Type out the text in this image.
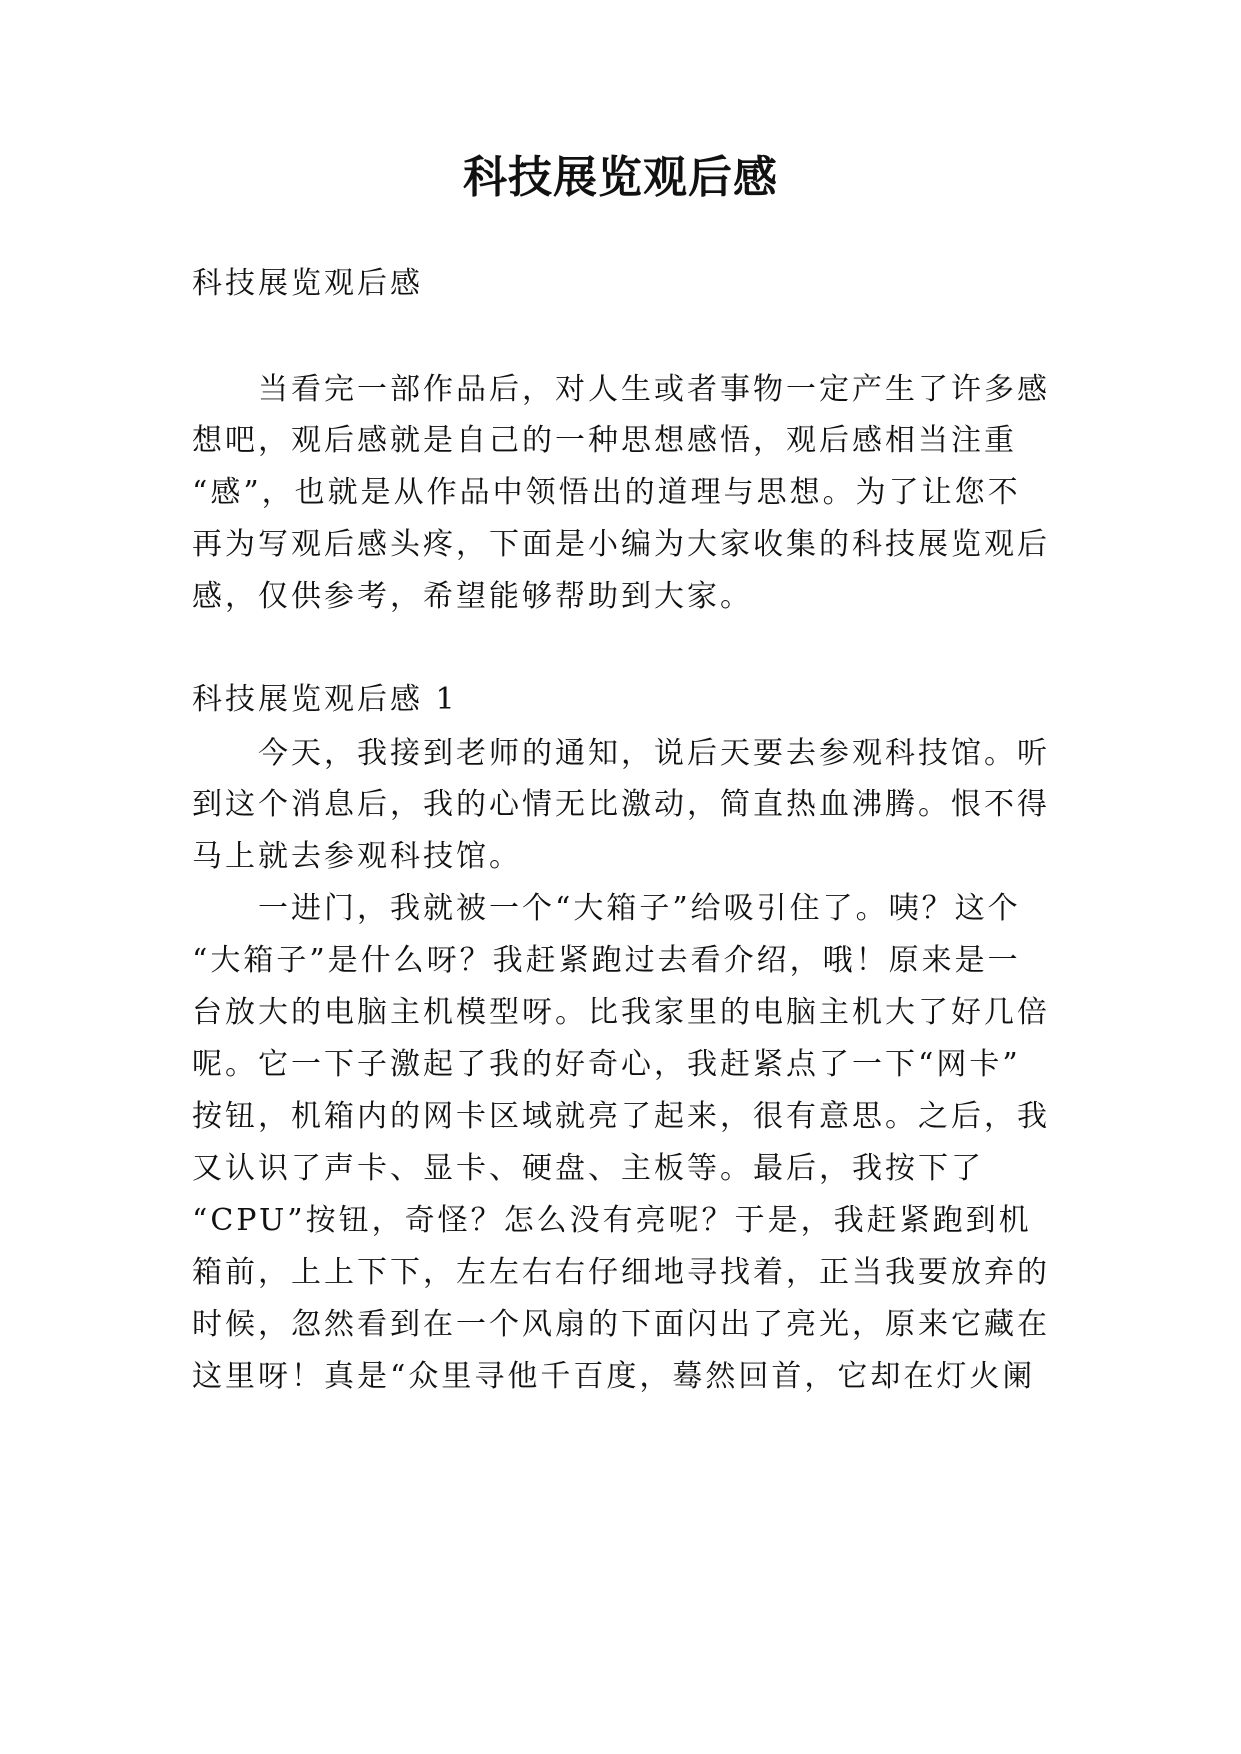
科技展览观后感
科技展览观后感
　　当看完一部作品后，对人生或者事物一定产生了许多感
想吧，观后感就是自己的一种思想感悟，观后感相当注重
“感”，也就是从作品中领悟出的道理与思想。为了让您不
再为写观后感头疼，下面是小编为大家收集的科技展览观后
感，仅供参考，希望能够帮助到大家。
科技展览观后感 1
　　今天，我接到老师的通知，说后天要去参观科技馆。听
到这个消息后，我的心情无比激动，简直热血沸腾。恨不得
马上就去参观科技馆。
　　一进门，我就被一个“大箱子”给吸引住了。咦？这个
“大箱子”是什么呀？我赶紧跑过去看介绍，哦！原来是一
台放大的电脑主机模型呀。比我家里的电脑主机大了好几倍
呢。它一下子激起了我的好奇心，我赶紧点了一下“网卡”
按钮，机箱内的网卡区域就亮了起来，很有意思。之后，我
又认识了声卡、显卡、硬盘、主板等。最后，我按下了
“CPU”按钮，奇怪？怎么没有亮呢？于是，我赶紧跑到机
箱前，上上下下，左左右右仔细地寻找着，正当我要放弃的
时候，忽然看到在一个风扇的下面闪出了亮光，原来它藏在
这里呀！真是“众里寻他千百度，蓦然回首，它却在灯火阑
